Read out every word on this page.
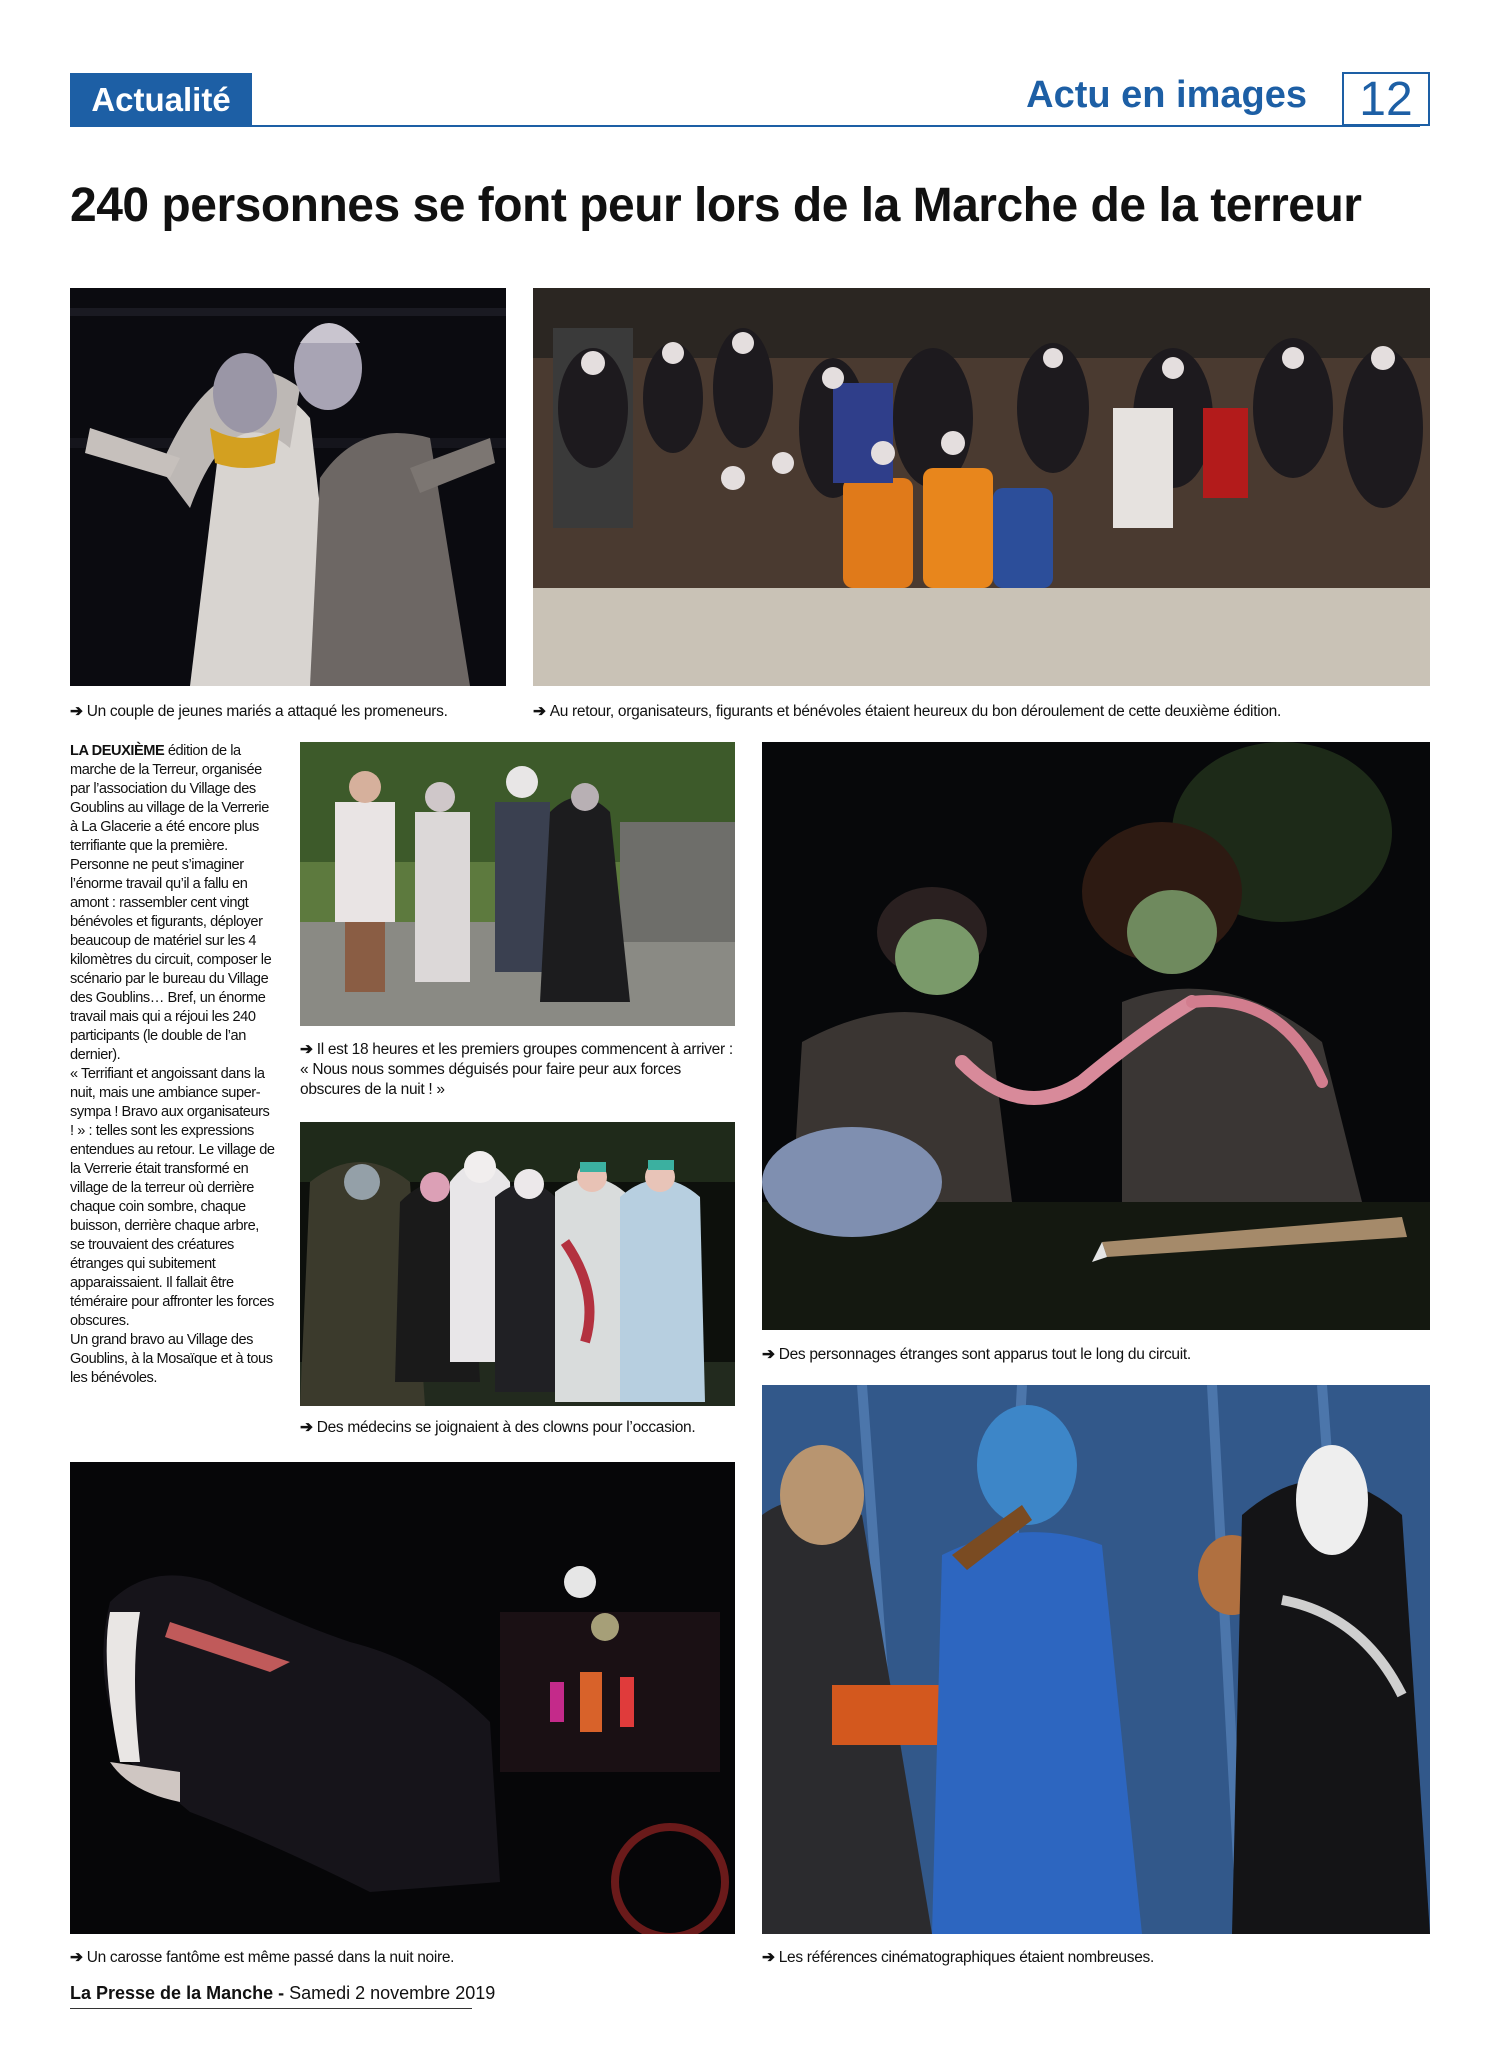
Actualité	Actu en images	12
240 personnes se font peur lors de la Marche de la terreur
➔ Un couple de jeunes mariés a attaqué les promeneurs.	➔ Au retour, organisateurs, figurants et bénévoles étaient heureux du bon déroulement de cette deuxième édition.
LA DEUXIÈME édition de la marche de la Terreur, organisée par l’association du Village des Goublins au village de la Verrerie à La Glacerie a été encore plus terrifiante que la première. Personne ne peut s’imaginer l’énorme travail qu’il a fallu en amont : rassembler cent vingt bénévoles et figurants, déployer beaucoup de matériel sur les 4 kilomètres du circuit, composer le scénario par le bureau du Village des Goublins… Bref, un énorme travail mais qui a réjoui les 240 participants (le double de l’an dernier).
« Terrifiant et angoissant dans la nuit, mais une ambiance super-sympa ! Bravo aux organisateurs ! » : telles sont les expressions entendues au retour. Le village de la Verrerie était transformé en village de la terreur où derrière chaque coin sombre, chaque buisson, derrière chaque arbre, se trouvaient des créatures étranges qui subitement apparaissaient. Il fallait être téméraire pour affronter les forces obscures.
Un grand bravo au Village des Goublins, à la Mosaïque et à tous les bénévoles.
➔ Il est 18 heures et les premiers groupes commencent à arriver : « Nous nous sommes déguisés pour faire peur aux forces obscures de la nuit ! »
➔ Des personnages étranges sont apparus tout le long du circuit.
➔ Des médecins se joignaient à des clowns pour l’occasion.
➔ Un carosse fantôme est même passé dans la nuit noire.	➔ Les références cinématographiques étaient nombreuses.
La Presse de la Manche - Samedi 2 novembre 2019
